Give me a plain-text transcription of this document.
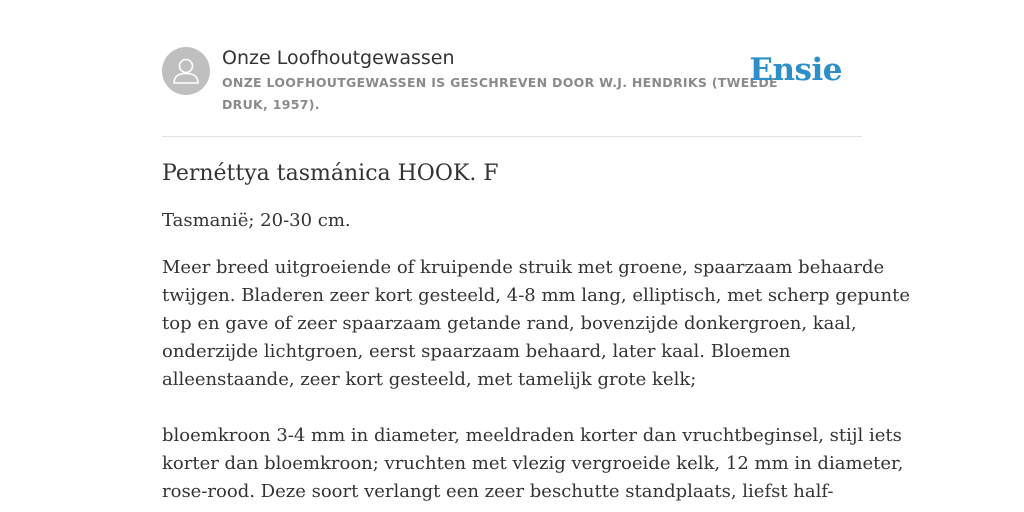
Onze Loofhoutgewassen

ONZE LOOFHOUTGEWASSEN IS GESCHREVEN DOOR W.J. HENDRIKS (TWEEDE
DRUK, 1957).

Ensie
Pernéttya tasmánica HOOK. F

Tasmanië; 20-30 cm.

Meer breed uitgroeiende of kruipende struik met groene, spaarzaam behaarde
twijgen. Bladeren zeer kort gesteeld, 4-8 mm lang, elliptisch, met scherp gepunte
top en gave of zeer spaarzaam getande rand, bovenzijde donkergroen, kaal,
onderzijde lichtgroen, eerst spaarzaam behaard, later kaal. Bloemen
alleenstaande, zeer kort gesteeld, met tamelijk grote kelk;
bloemkroon 3-4 mm in diameter, meeldraden korter dan vruchtbeginsel, stijl iets
korter dan bloemkroon; vruchten met vlezig vergroeide kelk, 12 mm in diameter,
rose-rood. Deze soort verlangt een zeer beschutte standplaats, liefst half-
